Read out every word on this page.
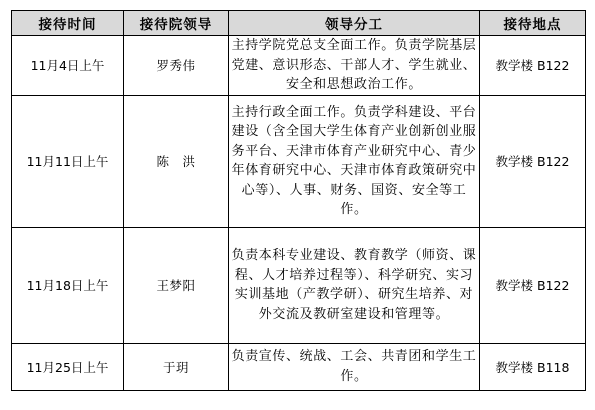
接待时间	接待院领导	领导分工	接待地点
11月4日上午	罗秀伟	主持学院党总支全面工作。负责学院基层党建、意识形态、干部人才、学生就业、安全和思想政治工作。	教学楼 B122
11月11日上午	陈　洪	主持行政全面工作。负责学科建设、平台建设（含全国大学生体育产业创新创业服务平台、天津市体育产业研究中心、青少年体育研究中心、天津市体育政策研究中心等）、人事、财务、国资、安全等工作。	教学楼 B122
11月18日上午	王梦阳	负责本科专业建设、教育教学（师资、课程、人才培养过程等）、科学研究、实习实训基地（产教学研）、研究生培养、对外交流及教研室建设和管理等。	教学楼 B122
11月25日上午	于玥	负责宣传、统战、工会、共青团和学生工作。	教学楼 B118
